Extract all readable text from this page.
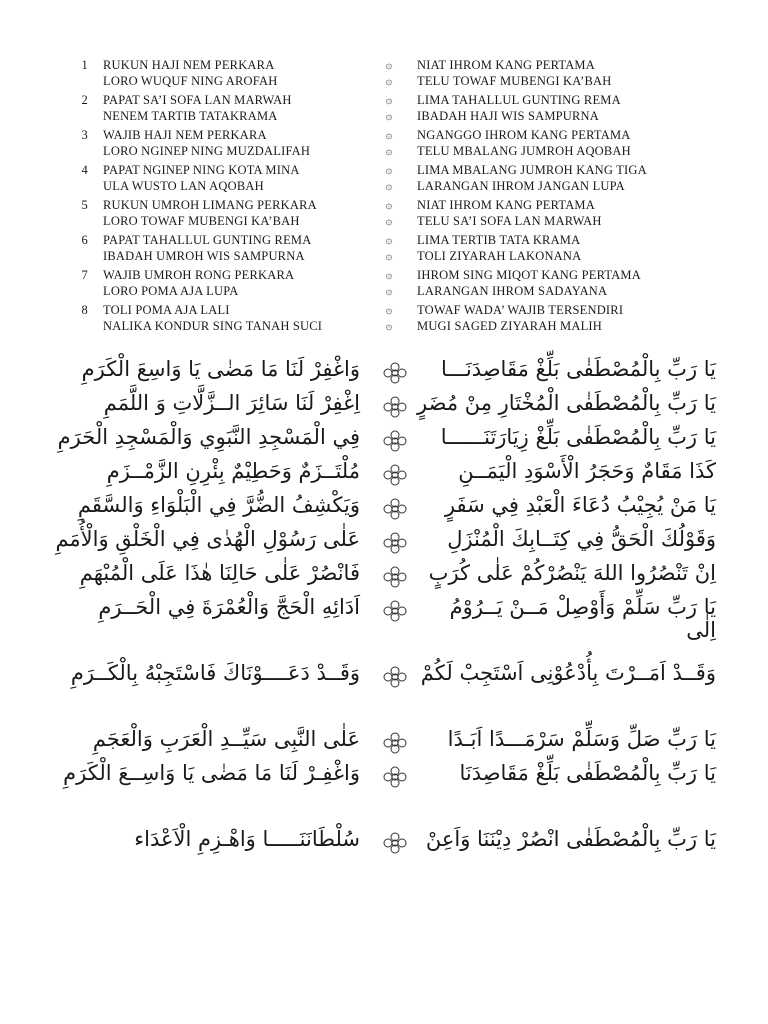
1 RUKUN HAJI NEM PERKARA
LORO WUQUF NING AROFAH
۞
۞
NIAT IHROM KANG PERTAMA
TELU TOWAF MUBENGI KA’BAH
2 PAPAT SA’I SOFA LAN MARWAH
NENEM TARTIB TATAKRAMA
۞
۞
LIMA TAHALLUL GUNTING REMA
IBADAH HAJI WIS SAMPURNA
3 WAJIB HAJI NEM PERKARA
LORO NGINEP NING MUZDALIFAH
۞
۞
NGANGGO IHROM KANG PERTAMA
TELU MBALANG JUMROH AQOBAH
4 PAPAT NGINEP NING KOTA MINA
ULA WUSTO LAN AQOBAH
۞
۞
LIMA MBALANG JUMROH KANG TIGA
LARANGAN IHROM JANGAN LUPA
5 RUKUN UMROH LIMANG PERKARA
LORO TOWAF MUBENGI KA’BAH
۞
۞
NIAT IHROM KANG PERTAMA
TELU SA’I SOFA LAN MARWAH
6 PAPAT TAHALLUL GUNTING REMA
IBADAH UMROH WIS SAMPURNA
۞
۞
LIMA TERTIB TATA KRAMA
TOLI ZIYARAH LAKONANA
7 WAJIB UMROH RONG PERKARA
LORO POMA AJA LUPA
۞
۞
IHROM SING MIQOT KANG PERTAMA
LARANGAN IHROM SADAYANA
8 TOLI POMA AJA LALI
NALIKA KONDUR SING TANAH SUCI
۞
۞
TOWAF WADA’ WAJIB TERSENDIRI
MUGI SAGED ZIYARAH MALIH
يَا رَبِّ بِالْمُصْطَفٰى بَلِّغْ مَقَاصِدَنَـــا
وَاغْفِرْ لَنَا مَا مَضٰى يَا وَاسِعَ الْكَرَمِ
يَا رَبِّ بِالْمُصْطَفٰى الْمُخْتَارِ مِنْ مُضَرٍ
اِغْفِرْ لَنَا سَائِرَ الــزَّلَّاتِ وَ اللَّمَمِ
يَا رَبِّ بِالْمُصْطَفٰى بَلِّغْ زِيَارَتَنَــــــا
فِي الْمَسْجِدِ النَّبَوِي وَالْمَسْجِدِ الْحَرَمِ
كَذَا مَقَامٌ وَحَجَرُ الْأَسْوَدِ الْيَمَــنِ
مُلْتَــزَمٌ وَحَطِيْمٌ بِئْرِنِ الزَّمْــزَمِ
يَا مَنْ يُجِيْبُ دُعَاءَ الْعَبْدِ فِي سَفَرٍ
وَيَكْشِفُ الضُّرَّ فِي الْبَلْوَاءِ وَالسَّقَمِ
وَقَوْلُكَ الْحَقُّ فِي كِتَــابِكَ الْمُنْزَلِ
عَلٰى رَسُوْلِ الْهُدٰى فِي الْخَلْقِ وَالْأُمَمِ
اِنْ تَنْصُرُوا اللهَ يَنْصُرْكُمْ عَلٰى كُرَبٍ
فَانْصُرْ عَلٰى حَالِنَا هٰذَا عَلَى الْمُبْهَمِ
يَا رَبِّ سَلِّمْ وَأَوْصِلْ مَــنْ يَــرُوْمُ اِلٰى
اَدَائِهِ الْحَجَّ وَالْعُمْرَةَ فِي الْحَــرَمِ
وَقَــدْ اَمَــرْتَ بِأُدْعُوْنِى اَسْتَجِبْ لَكُمْ
وَقَــدْ دَعَــــوْنَاكَ فَاسْتَجِبْهُ بِالْكَــرَمِ
يَا رَبِّ صَلِّ وَسَلِّمْ سَرْمَـــدًا اَبَـدًا
عَلٰى النَّبِى سَيِّــدِ الْعَرَبِ وَالْعَجَمِ
يَا رَبِّ بِالْمُصْطَفٰى بَلِّغْ مَقَاصِدَنَا
وَاغْفِـرْ لَنَا مَا مَضٰى يَا وَاسِــعَ الْكَرَمِ
يَا رَبِّ بِالْمُصْطَفٰى انْصُرْ دِيْنَنَا وَاَعِنْ
سُلْطَانَنَـــــا وَاهْـزِمِ الْاَعْدَاء
